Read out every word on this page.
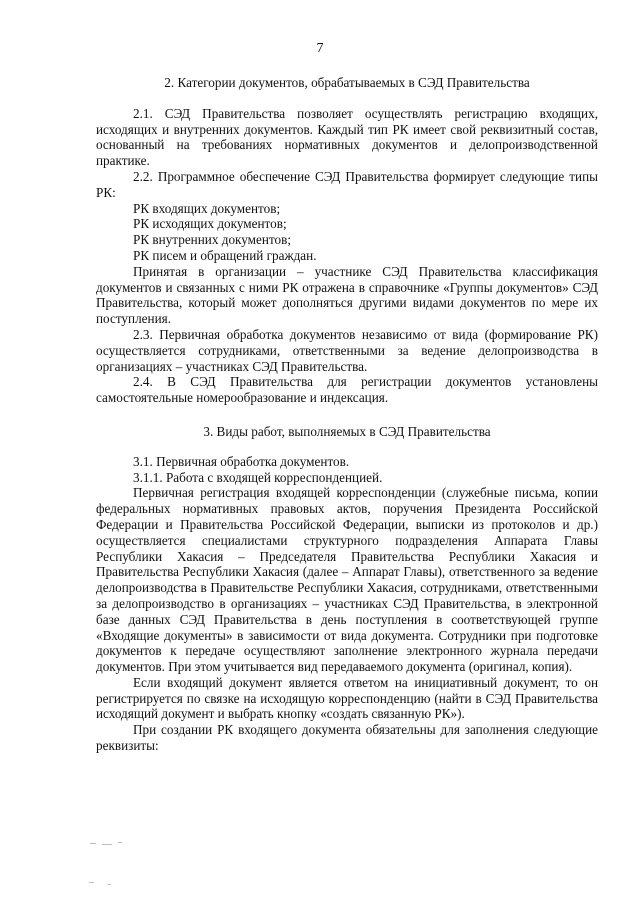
7

2. Категории документов, обрабатываемых в СЭД Правительства

2.1. СЭД Правительства позволяет осуществлять регистрацию входящих, исходящих и внутренних документов. Каждый тип РК имеет свой реквизитный состав, основанный на требованиях нормативных документов и делопроизводственной практике.

2.2. Программное обеспечение СЭД Правительства формирует следующие типы РК:

РК входящих документов;

РК исходящих документов;

РК внутренних документов;

РК писем и обращений граждан.

Принятая в организации – участнике СЭД Правительства классификация документов и связанных с ними РК отражена в справочнике «Группы документов» СЭД Правительства, который может дополняться другими видами документов по мере их поступления.

2.3. Первичная обработка документов независимо от вида (формирование РК) осуществляется сотрудниками, ответственными за ведение делопроизводства в организациях – участниках СЭД Правительства.

2.4. В СЭД Правительства для регистрации документов установлены самостоятельные номерообразование и индексация.

3. Виды работ, выполняемых в СЭД Правительства

3.1. Первичная обработка документов.

3.1.1. Работа с входящей корреспонденцией.

Первичная регистрация входящей корреспонденции (служебные письма, копии федеральных нормативных правовых актов, поручения Президента Российской Федерации и Правительства Российской Федерации, выписки из протоколов и др.) осуществляется специалистами структурного подразделения Аппарата Главы Республики Хакасия – Председателя Правительства Республики Хакасия и Правительства Республики Хакасия (далее – Аппарат Главы), ответственного за ведение делопроизводства в Правительстве Республики Хакасия, сотрудниками, ответственными за делопроизводство в организациях – участниках СЭД Правительства, в электронной базе данных СЭД Правительства в день поступления в соответствующей группе «Входящие документы» в зависимости от вида документа. Сотрудники при подготовке документов к передаче осуществляют заполнение электронного журнала передачи документов. При этом учитывается вид передаваемого документа (оригинал, копия).

Если входящий документ является ответом на инициативный документ, то он регистрируется по связке на исходящую корреспонденцию (найти в СЭД Правительства исходящий документ и выбрать кнопку «создать связанную РК»).

При создании РК входящего документа обязательны для заполнения следующие реквизиты:
